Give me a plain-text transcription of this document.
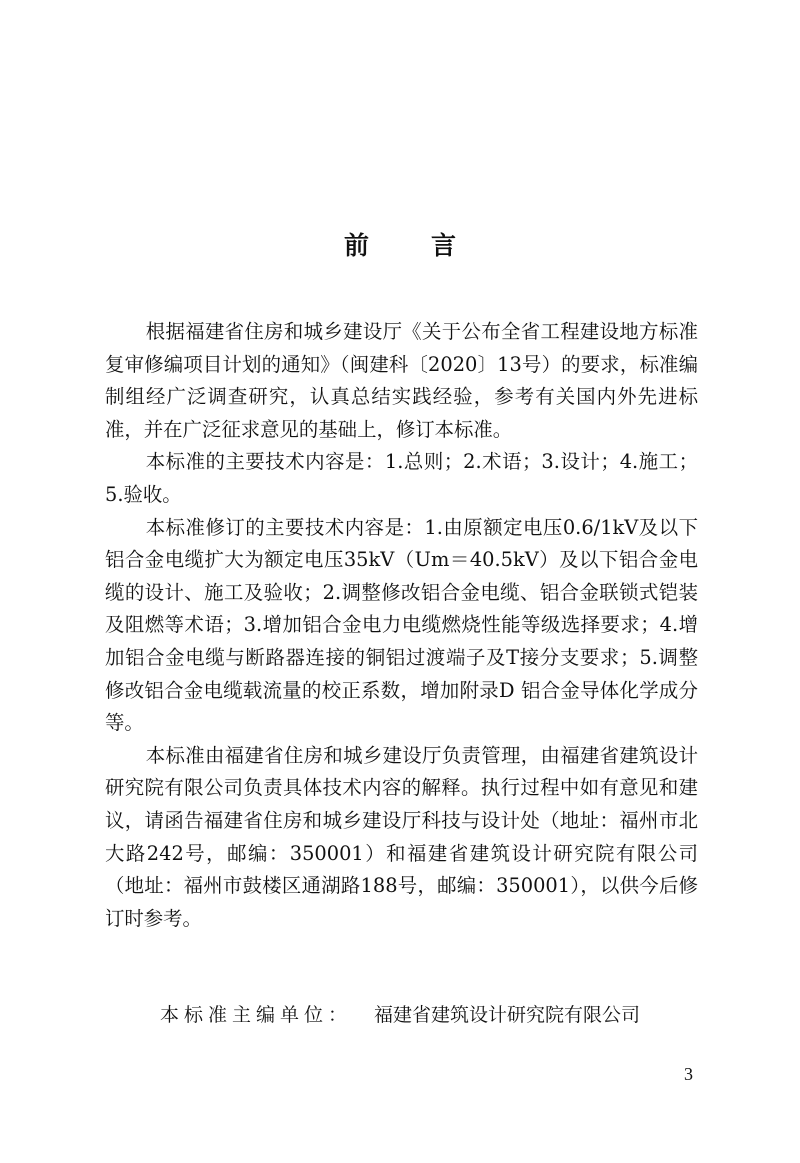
前 言

根据福建省住房和城乡建设厅《关于公布全省工程建设地方标准复审修编项目计划的通知》（闽建科〔2020〕13号）的要求，标准编制组经广泛调查研究，认真总结实践经验，参考有关国内外先进标准，并在广泛征求意见的基础上，修订本标准。

本标准的主要技术内容是：1.总则；2.术语；3.设计；4.施工；5.验收。

本标准修订的主要技术内容是：1.由原额定电压0.6/1kV及以下铝合金电缆扩大为额定电压35kV（Um＝40.5kV）及以下铝合金电缆的设计、施工及验收；2.调整修改铝合金电缆、铝合金联锁式铠装及阻燃等术语；3.增加铝合金电力电缆燃烧性能等级选择要求；4.增加铝合金电缆与断路器连接的铜铝过渡端子及T接分支要求；5.调整修改铝合金电缆载流量的校正系数，增加附录D 铝合金导体化学成分等。

本标准由福建省住房和城乡建设厅负责管理，由福建省建筑设计研究院有限公司负责具体技术内容的解释。执行过程中如有意见和建议，请函告福建省住房和城乡建设厅科技与设计处（地址：福州市北大路242号，邮编：350001）和福建省建筑设计研究院有限公司（地址：福州市鼓楼区通湖路188号，邮编：350001），以供今后修订时参考。

本标准主编单位： 福建省建筑设计研究院有限公司
3
